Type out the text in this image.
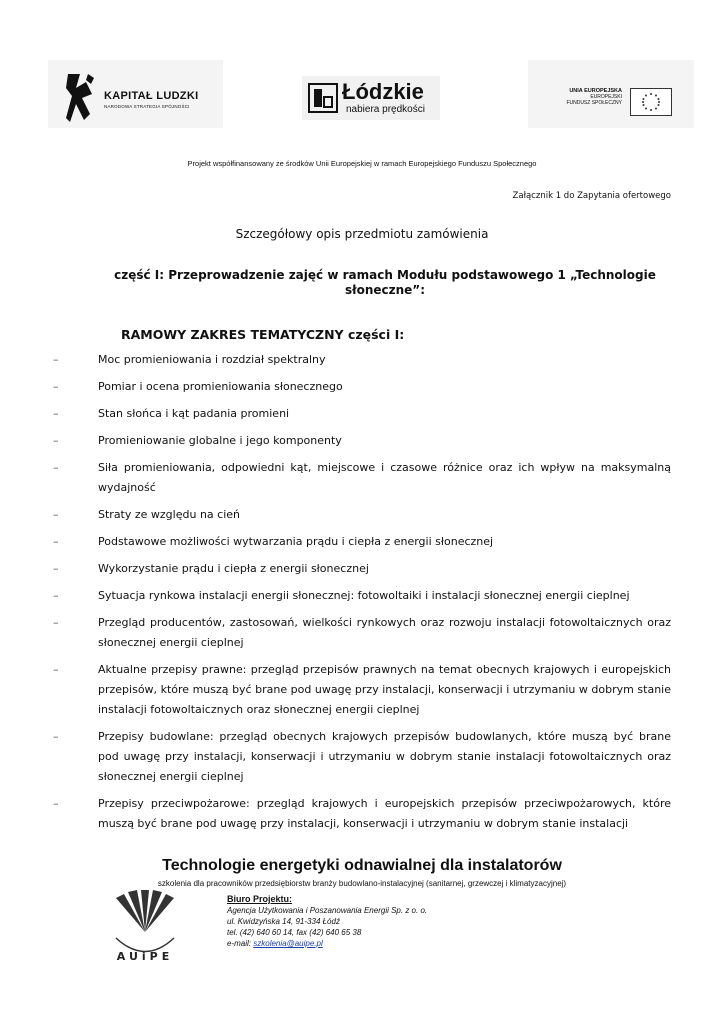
KAPITAŁ LUDZKI
NARODOWA STRATEGIA SPÓJNOŚCI
Łódzkie
nabiera prędkości
UNIA EUROPEJSKA
EUROPEJSKI
FUNDUSZ SPOŁECZNY
Projekt współfinansowany ze środków Unii Europejskiej w ramach Europejskiego Funduszu Społecznego
Załącznik 1 do Zapytania ofertowego
Szczegółowy opis przedmiotu zamówienia
część I: Przeprowadzenie zajęć w ramach Modułu podstawowego 1 „Technologie słoneczne”:
RAMOWY ZAKRES TEMATYCZNY części I:
–	Moc promieniowania i rozdział spektralny
–	Pomiar i ocena promieniowania słonecznego
–	Stan słońca i kąt padania promieni
–	Promieniowanie globalne i jego komponenty
–	Siła promieniowania, odpowiedni kąt, miejscowe i czasowe różnice oraz ich wpływ na maksymalną wydajność
–	Straty ze względu na cień
–	Podstawowe możliwości wytwarzania prądu i ciepła z energii słonecznej
–	Wykorzystanie prądu i ciepła z energii słonecznej
–	Sytuacja rynkowa instalacji energii słonecznej: fotowoltaiki i instalacji słonecznej energii cieplnej
–	Przegląd producentów, zastosowań, wielkości rynkowych oraz rozwoju instalacji fotowoltaicznych oraz słonecznej energii cieplnej
–	Aktualne przepisy prawne: przegląd przepisów prawnych na temat obecnych krajowych i europejskich przepisów, które muszą być brane pod uwagę przy instalacji, konserwacji i utrzymaniu w dobrym stanie instalacji fotowoltaicznych oraz słonecznej energii cieplnej
–	Przepisy budowlane: przegląd obecnych krajowych przepisów budowlanych, które muszą być brane pod uwagę przy instalacji, konserwacji i utrzymaniu w dobrym stanie instalacji fotowoltaicznych oraz słonecznej energii cieplnej
–	Przepisy przeciwpożarowe: przegląd krajowych i europejskich przepisów przeciwpożarowych, które muszą być brane pod uwagę przy instalacji, konserwacji i utrzymaniu w dobrym stanie instalacji
Technologie energetyki odnawialnej dla instalatorów
szkolenia dla pracowników przedsiębiorstw branży budowlano-instalacyjnej (sanitarnej, grzewczej i klimatyzacyjnej)
AUiPE
Biuro Projektu:
Agencja Użytkowania i Poszanowania Energii Sp. z o. o.
ul. Kwidzyńska 14, 91-334 Łódź
tel. (42) 640 60 14, fax (42) 640 65 38
e-mail: szkolenia@auipe.pl
